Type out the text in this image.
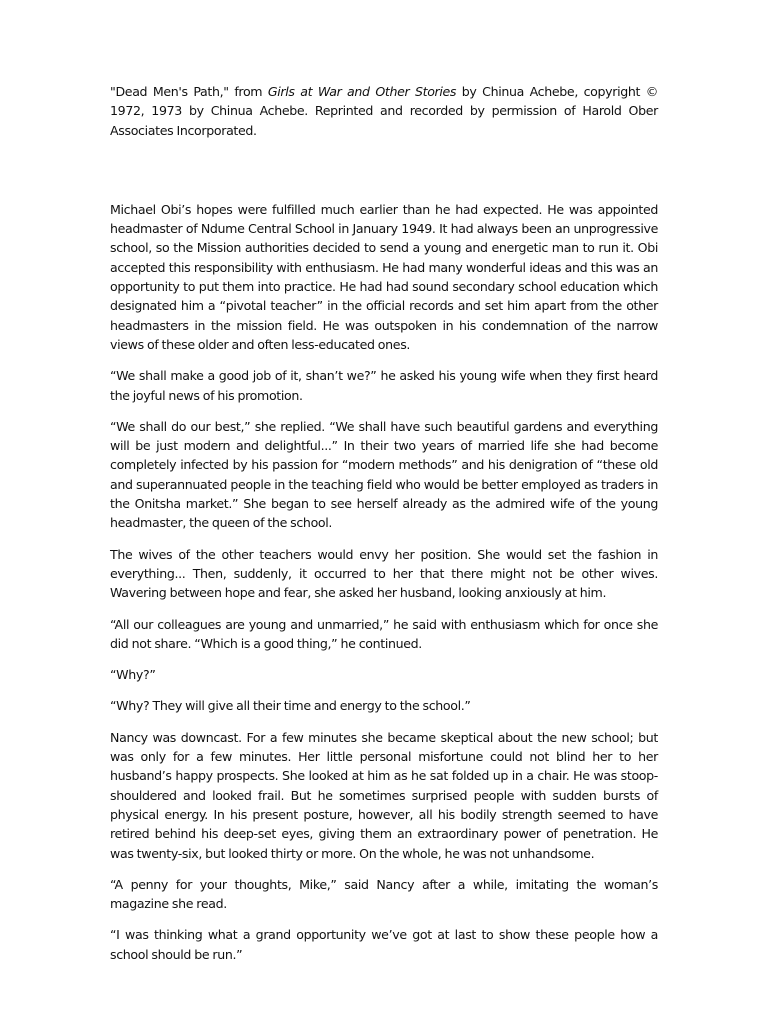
"Dead Men's Path," from Girls at War and Other Stories by Chinua Achebe, copyright © 1972, 1973 by Chinua Achebe. Reprinted and recorded by permission of Harold Ober Associates Incorporated.

Michael Obi’s hopes were fulfilled much earlier than he had expected. He was appointed headmaster of Ndume Central School in January 1949. It had always been an unprogressive school, so the Mission authorities decided to send a young and energetic man to run it. Obi accepted this responsibility with enthusiasm. He had many wonderful ideas and this was an opportunity to put them into practice. He had had sound secondary school education which designated him a “pivotal teacher” in the official records and set him apart from the other headmasters in the mission field. He was outspoken in his condemnation of the narrow views of these older and often less-educated ones.

“We shall make a good job of it, shan’t we?” he asked his young wife when they first heard the joyful news of his promotion.

“We shall do our best,” she replied. “We shall have such beautiful gardens and everything will be just modern and delightful...” In their two years of married life she had become completely infected by his passion for “modern methods” and his denigration of “these old and superannuated people in the teaching field who would be better employed as traders in the Onitsha market.” She began to see herself already as the admired wife of the young headmaster, the queen of the school.

The wives of the other teachers would envy her position. She would set the fashion in everything... Then, suddenly, it occurred to her that there might not be other wives. Wavering between hope and fear, she asked her husband, looking anxiously at him.

“All our colleagues are young and unmarried,” he said with enthusiasm which for once she did not share. “Which is a good thing,” he continued.

“Why?”

“Why? They will give all their time and energy to the school.”

Nancy was downcast. For a few minutes she became skeptical about the new school; but was only for a few minutes. Her little personal misfortune could not blind her to her husband’s happy prospects. She looked at him as he sat folded up in a chair. He was stoop-shouldered and looked frail. But he sometimes surprised people with sudden bursts of physical energy. In his present posture, however, all his bodily strength seemed to have retired behind his deep-set eyes, giving them an extraordinary power of penetration. He was twenty-six, but looked thirty or more. On the whole, he was not unhandsome.

“A penny for your thoughts, Mike,” said Nancy after a while, imitating the woman’s magazine she read.

“I was thinking what a grand opportunity we’ve got at last to show these people how a school should be run.”
